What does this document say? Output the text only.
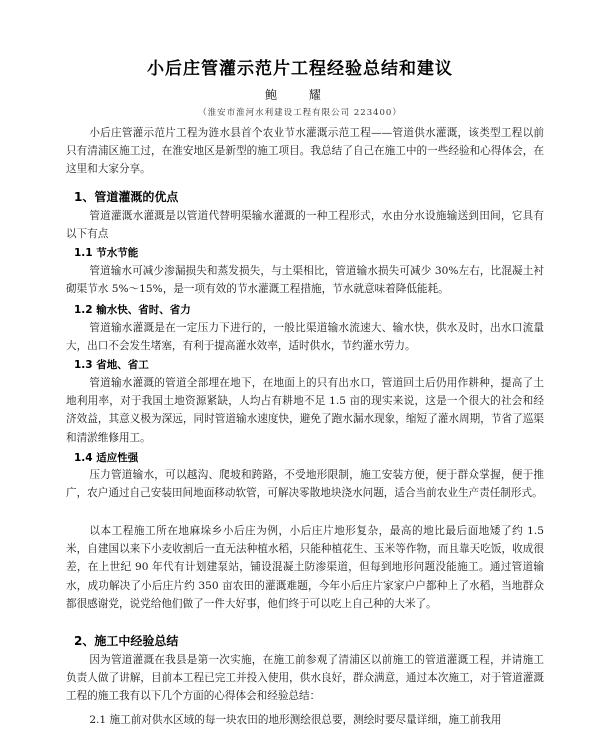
小后庄管灌示范片工程经验总结和建议
鲍 耀
（淮安市淮河水利建设工程有限公司 223400）

小后庄管灌示范片工程为涟水县首个农业节水灌溉示范工程——管道供水灌溉，该类型工程以前只有清浦区施工过，在淮安地区是新型的施工项目。我总结了自己在施工中的一些经验和心得体会，在这里和大家分享。

1、管道灌溉的优点

管道灌溉水灌溉是以管道代替明渠输水灌溉的一种工程形式，水由分水设施输送到田间，它具有以下有点

1.1 节水节能

管道输水可减少渗漏损失和蒸发损失，与土渠相比，管道输水损失可减少 30%左右，比混凝土衬砌渠节水 5%～15%，是一项有效的节水灌溉工程措施，节水就意味着降低能耗。

1.2 输水快、省时、省力

管道输水灌溉是在一定压力下进行的，一般比渠道输水流速大、输水快，供水及时，出水口流量大，出口不会发生堵塞，有利于提高灌水效率，适时供水，节约灌水劳力。

1.3 省地、省工

管道输水灌溉的管道全部埋在地下，在地面上的只有出水口，管道回土后仍用作耕种，提高了土地利用率，对于我国土地资源紧缺，人均占有耕地不足 1.5 亩的现实来说，这是一个很大的社会和经济效益，其意义极为深远，同时管道输水速度快，避免了跑水漏水现象，缩短了灌水周期，节省了巡渠和清淤维修用工。

1.4 适应性强

压力管道输水，可以越沟、爬坡和跨路，不受地形限制，施工安装方便，便于群众掌握，便于推广，农户通过自己安装田间地面移动软管，可解决零散地块浇水问题，适合当前农业生产责任制形式。

以本工程施工所在地麻垛乡小后庄为例，小后庄片地形复杂，最高的地比最后面地矮了约 1.5 米，自建国以来下小麦收割后一直无法种植水稻，只能种植花生、玉米等作物，而且靠天吃饭，收成很差，在上世纪 90 年代有计划建泵站，铺设混凝土防渗渠道，但每到地形问题没能施工。通过管道输水，成功解决了小后庄片约 350 亩农田的灌溉难题，今年小后庄片家家户户都种上了水稻，当地群众都很感谢党，说党给他们做了一件大好事，他们终于可以吃上自己种的大米了。

2、施工中经验总结

因为管道灌溉在我县是第一次实施，在施工前参观了清浦区以前施工的管道灌溉工程，并请施工负责人做了讲解，目前本工程已完工并投入使用，供水良好，群众满意，通过本次施工，对于管道灌溉工程的施工我有以下几个方面的心得体会和经验总结：

2.1 施工前对供水区域的每一块农田的地形测绘很总要，测绘时要尽量详细，施工前我用
